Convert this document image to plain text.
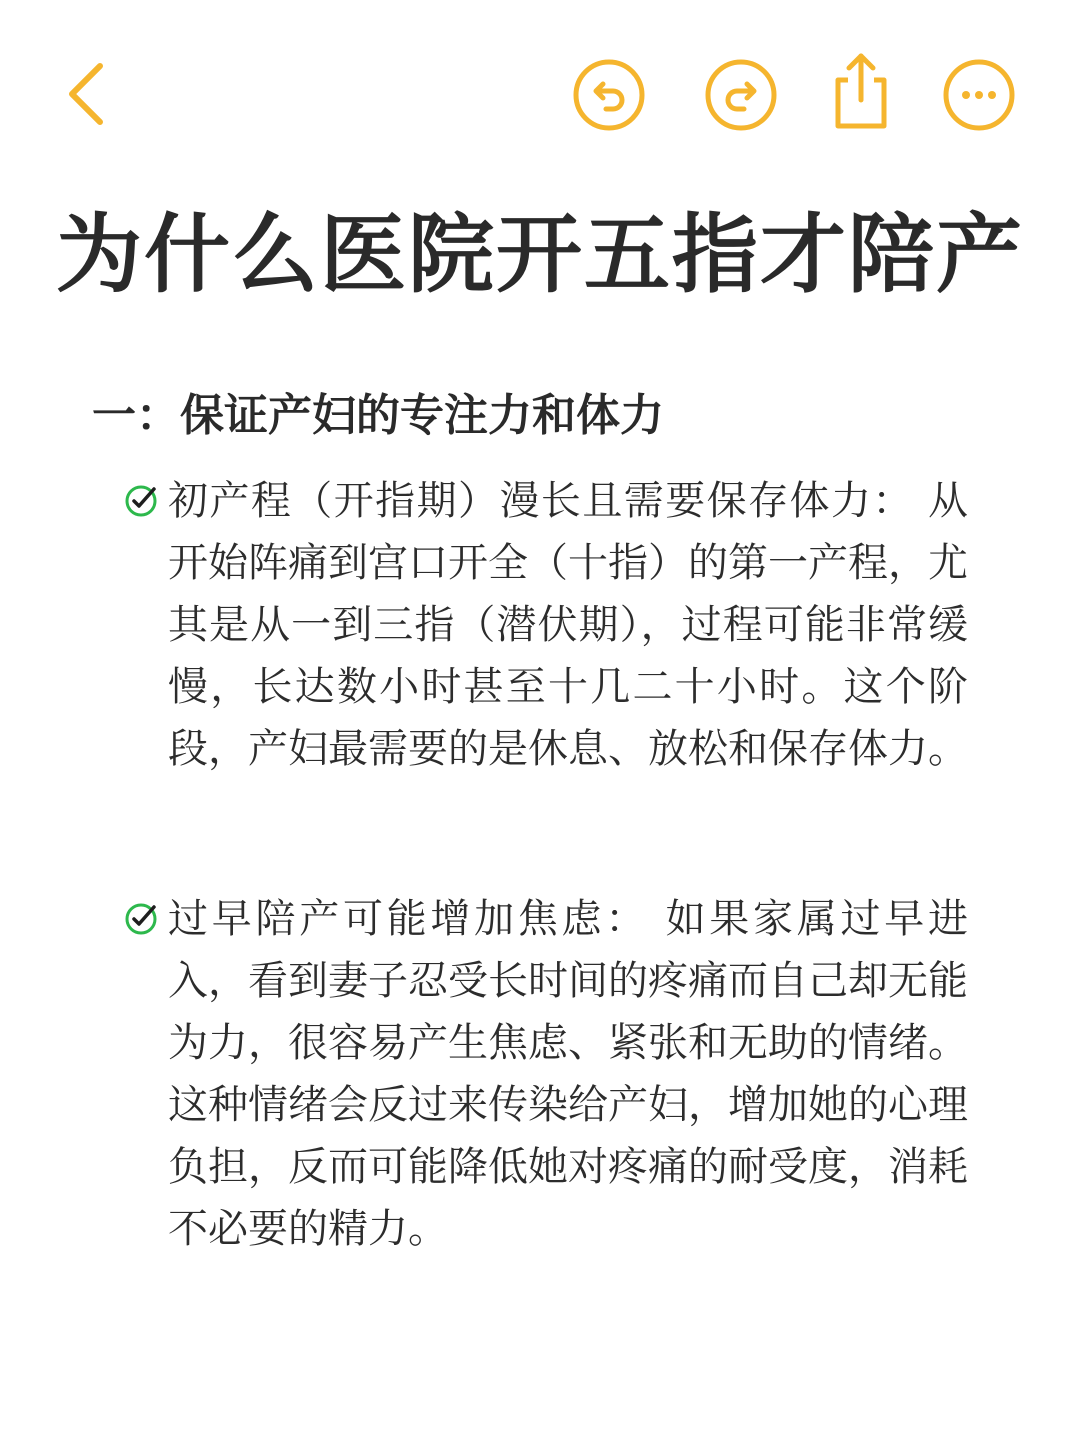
为什么医院开五指才陪产
一：保证产妇的专注力和体力
初产程（开指期）漫长且需要保存体力： 从开始阵痛到宫口开全（十指）的第一产程，尤其是从一到三指（潜伏期），过程可能非常缓慢，长达数小时甚至十几二十小时。这个阶段，产妇最需要的是休息、放松和保存体力。
过早陪产可能增加焦虑： 如果家属过早进入，看到妻子忍受长时间的疼痛而自己却无能为力，很容易产生焦虑、紧张和无助的情绪。这种情绪会反过来传染给产妇，增加她的心理负担，反而可能降低她对疼痛的耐受度，消耗不必要的精力。
